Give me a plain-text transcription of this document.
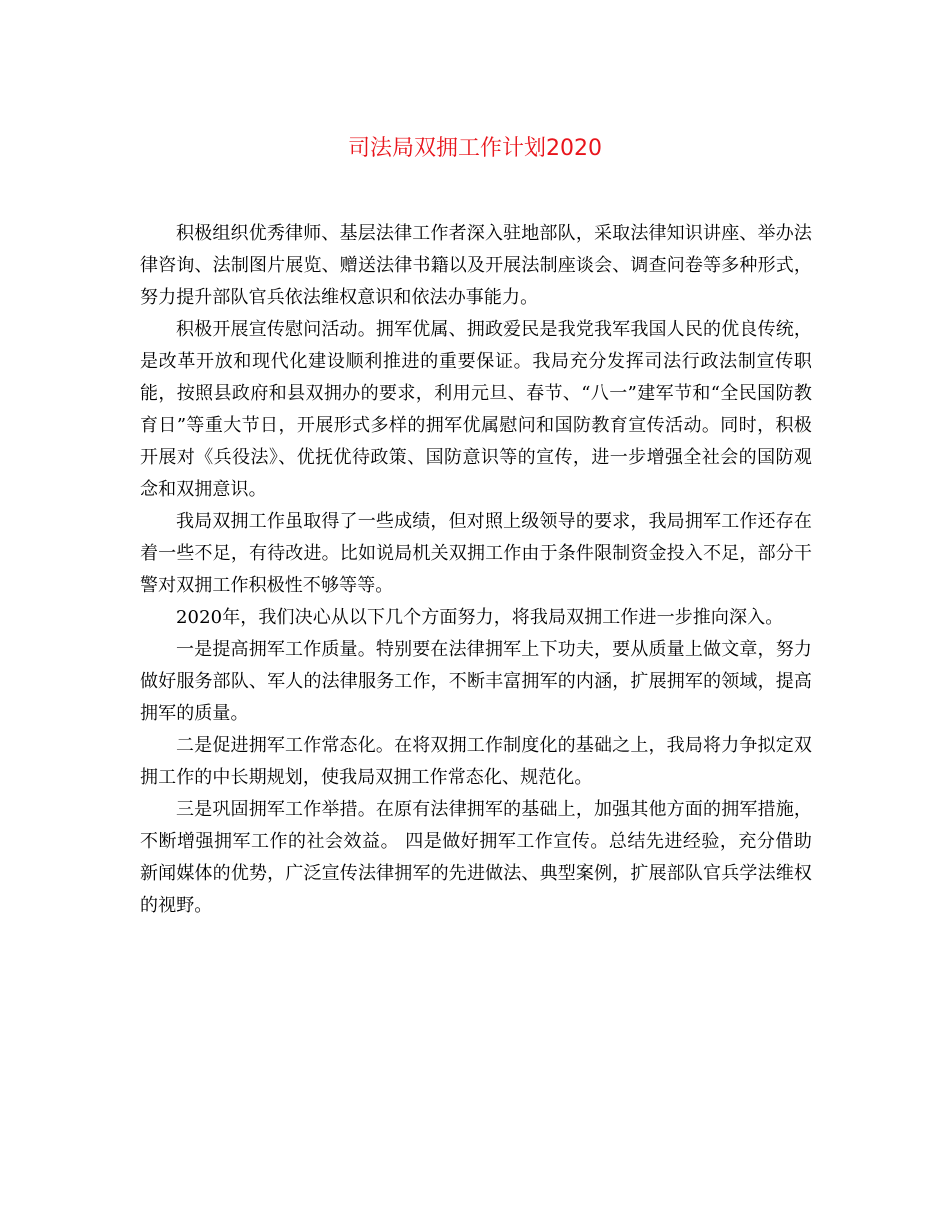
司法局双拥工作计划2020

积极组织优秀律师、基层法律工作者深入驻地部队，采取法律知识讲座、举办法律咨询、法制图片展览、赠送法律书籍以及开展法制座谈会、调查问卷等多种形式，努力提升部队官兵依法维权意识和依法办事能力。

积极开展宣传慰问活动。拥军优属、拥政爱民是我党我军我国人民的优良传统，是改革开放和现代化建设顺利推进的重要保证。我局充分发挥司法行政法制宣传职能，按照县政府和县双拥办的要求，利用元旦、春节、“八一”建军节和“全民国防教育日”等重大节日，开展形式多样的拥军优属慰问和国防教育宣传活动。同时，积极开展对《兵役法》、优抚优待政策、国防意识等的宣传，进一步增强全社会的国防观念和双拥意识。

我局双拥工作虽取得了一些成绩，但对照上级领导的要求，我局拥军工作还存在着一些不足，有待改进。比如说局机关双拥工作由于条件限制资金投入不足，部分干警对双拥工作积极性不够等等。

2020年，我们决心从以下几个方面努力，将我局双拥工作进一步推向深入。

一是提高拥军工作质量。特别要在法律拥军上下功夫，要从质量上做文章，努力做好服务部队、军人的法律服务工作，不断丰富拥军的内涵，扩展拥军的领域，提高拥军的质量。

二是促进拥军工作常态化。在将双拥工作制度化的基础之上，我局将力争拟定双拥工作的中长期规划，使我局双拥工作常态化、规范化。

三是巩固拥军工作举措。在原有法律拥军的基础上，加强其他方面的拥军措施，不断增强拥军工作的社会效益。 四是做好拥军工作宣传。总结先进经验，充分借助新闻媒体的优势，广泛宣传法律拥军的先进做法、典型案例，扩展部队官兵学法维权的视野。
